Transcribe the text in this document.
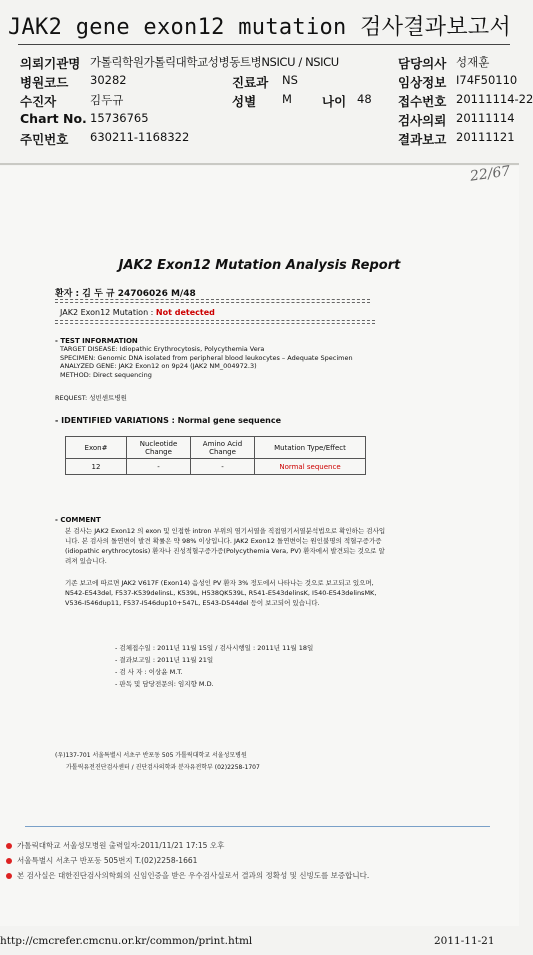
JAK2 gene exon12 mutation 검사결과보고서
의뢰기관명 가톨릭학원가톨릭대학교성병동트병NSICU / NSICU	담당의사 성재훈
병원코드 30282	진료과 NS	임상정보 I74F50110
수진자	김두규	성별 M 나이 48 접수번호 20111114-22
Chart No. 15736765	검사의뢰 20111114
주민번호 630211-1168322	결과보고 20111121
22/67
JAK2 Exon12 Mutation Analysis Report
환자 : 김 두 규 24706026 M/48
JAK2 Exon12 Mutation : Not detected
- TEST INFORMATION
TARGET DISEASE: Idiopathic Erythrocytosis, Polycythemia Vera
SPECIMEN: Genomic DNA isolated from peripheral blood leukocytes – Adequate Specimen
ANALYZED GENE: JAK2 Exon12 on 9p24 (JAK2 NM_004972.3)
METHOD: Direct sequencing
REQUEST: 성빈센트병원
- IDENTIFIED VARIATIONS : Normal gene sequence
Exon#	Nucleotide Change	Amino Acid Change	Mutation Type/Effect
12	-	-	Normal sequence
- COMMENT
본 검사는 JAK2 Exon12 의 exon 및 인접한 intron 부위의 염기서열을 직접염기서열분석법으로 확인하는 검사입니다. 본 검사의 돌연변이 발견 확률은 약 98% 이상입니다. JAK2 Exon12 돌연변이는 원인불명의 적혈구증가증(idiopathic erythrocytosis) 환자나 진성적혈구증가증(Polycythemia Vera, PV) 환자에서 발견되는 것으로 알려져 있습니다.
기존 보고에 따르면 JAK2 V617F (Exon14) 음성인 PV 환자 3% 정도에서 나타나는 것으로 보고되고 있으며, N542-E543del, F537-K539delinsL, K539L, H538QK539L, R541-E543delinsK, I540-E543delinsMK, V536-I546dup11, F537-I546dup10+547L, E543-D544del 등이 보고되어 있습니다.
- 검체접수일 : 2011년 11월 15일 / 검사시행일 : 2011년 11월 18일
- 결과보고일 : 2011년 11월 21일
- 검 사 자 : 이상윤 M.T.
- 판독 및 담당전문의: 임지향 M.D.
(우)137-701 서울특별시 서초구 반포동 505 가톨릭대학교 서울성모병원
가톨릭유전진단검사센터 / 진단검사의학과 분자유전학부 (02)2258-1707
가톨릭대학교 서울성모병원 출력일자:2011/11/21 17:15 오후
서울특별시 서초구 반포동 505번지 T.(02)2258-1661
본 검사실은 대한진단검사의학회의 신임인증을 받은 우수검사실로서 결과의 정확성 및 신빙도를 보증합니다.
http://cmcrefer.cmcnu.or.kr/common/print.html	2011-11-21
